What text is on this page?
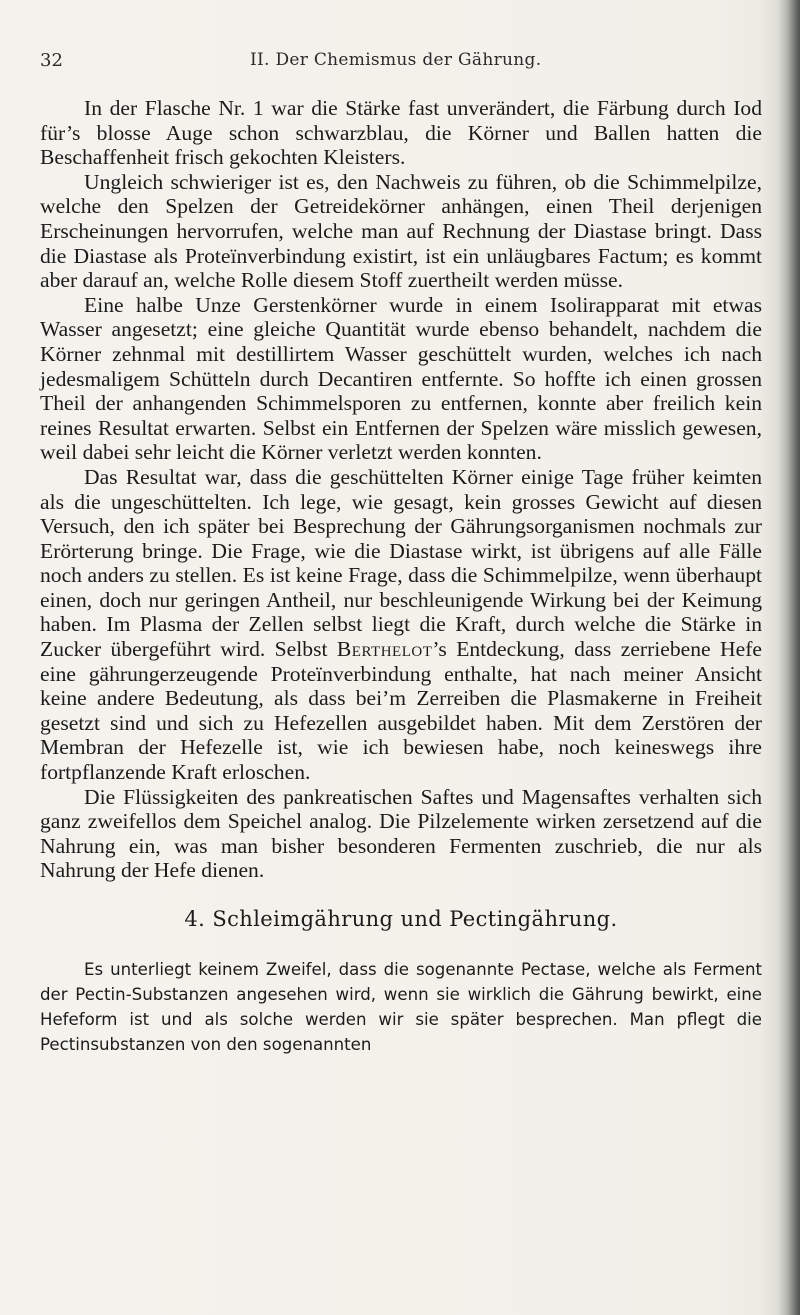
32	II. Der Chemismus der Gährung.

In der Flasche Nr. 1 war die Stärke fast unverändert, die Färbung durch Iod für’s blosse Auge schon schwarzblau, die Körner und Ballen hatten die Beschaffenheit frisch gekochten Kleisters.

Ungleich schwieriger ist es, den Nachweis zu führen, ob die Schimmelpilze, welche den Spelzen der Getreidekörner anhängen, einen Theil derjenigen Erscheinungen hervorrufen, welche man auf Rechnung der Diastase bringt. Dass die Diastase als Proteïnverbindung existirt, ist ein unläugbares Factum; es kommt aber darauf an, welche Rolle diesem Stoff zuertheilt werden müsse.

Eine halbe Unze Gerstenkörner wurde in einem Isolirapparat mit etwas Wasser angesetzt; eine gleiche Quantität wurde ebenso behandelt, nachdem die Körner zehnmal mit destillirtem Wasser geschüttelt wurden, welches ich nach jedesmaligem Schütteln durch Decantiren entfernte. So hoffte ich einen grossen Theil der anhangenden Schimmelsporen zu entfernen, konnte aber freilich kein reines Resultat erwarten. Selbst ein Entfernen der Spelzen wäre misslich gewesen, weil dabei sehr leicht die Körner verletzt werden konnten.

Das Resultat war, dass die geschüttelten Körner einige Tage früher keimten als die ungeschüttelten. Ich lege, wie gesagt, kein grosses Gewicht auf diesen Versuch, den ich später bei Besprechung der Gährungsorganismen nochmals zur Erörterung bringe. Die Frage, wie die Diastase wirkt, ist übrigens auf alle Fälle noch anders zu stellen. Es ist keine Frage, dass die Schimmelpilze, wenn überhaupt einen, doch nur geringen Antheil, nur beschleunigende Wirkung bei der Keimung haben. Im Plasma der Zellen selbst liegt die Kraft, durch welche die Stärke in Zucker übergeführt wird. Selbst Berthelot’s Entdeckung, dass zerriebene Hefe eine gährungerzeugende Proteïnverbindung enthalte, hat nach meiner Ansicht keine andere Bedeutung, als dass bei’m Zerreiben die Plasmakerne in Freiheit gesetzt sind und sich zu Hefezellen ausgebildet haben. Mit dem Zerstören der Membran der Hefezelle ist, wie ich bewiesen habe, noch keineswegs ihre fortpflanzende Kraft erloschen.

Die Flüssigkeiten des pankreatischen Saftes und Magensaftes verhalten sich ganz zweifellos dem Speichel analog. Die Pilzelemente wirken zersetzend auf die Nahrung ein, was man bisher besonderen Fermenten zuschrieb, die nur als Nahrung der Hefe dienen.

4. Schleimgährung und Pectingährung.

Es unterliegt keinem Zweifel, dass die sogenannte Pectase, welche als Ferment der Pectin-Substanzen angesehen wird, wenn sie wirklich die Gährung bewirkt, eine Hefeform ist und als solche werden wir sie später besprechen. Man pflegt die Pectinsubstanzen von den sogenannten
